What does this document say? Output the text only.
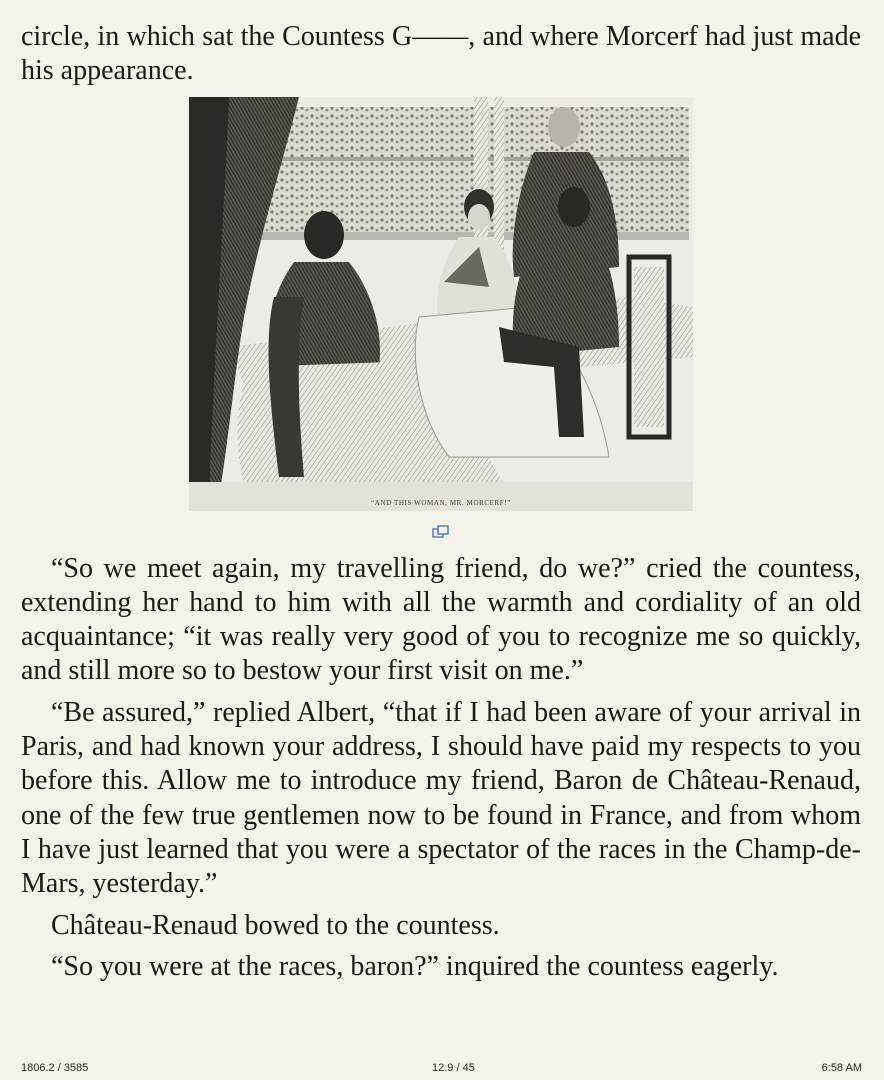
circle, in which sat the Countess G——, and where Morcerf had just made his appearance.

“AND THIS WOMAN, MR. MORCERF!”

“So we meet again, my travelling friend, do we?” cried the countess, extending her hand to him with all the warmth and cordiality of an old acquaintance; “it was really very good of you to recognize me so quickly, and still more so to bestow your first visit on me.”

“Be assured,” replied Albert, “that if I had been aware of your arrival in Paris, and had known your address, I should have paid my respects to you before this. Allow me to introduce my friend, Baron de Château-Renaud, one of the few true gentlemen now to be found in France, and from whom I have just learned that you were a spectator of the races in the Champ-de-Mars, yesterday.”

Château-Renaud bowed to the countess.

“So you were at the races, baron?” inquired the countess eagerly.

1806.2 / 3585	12.9 / 45	6:58 AM
